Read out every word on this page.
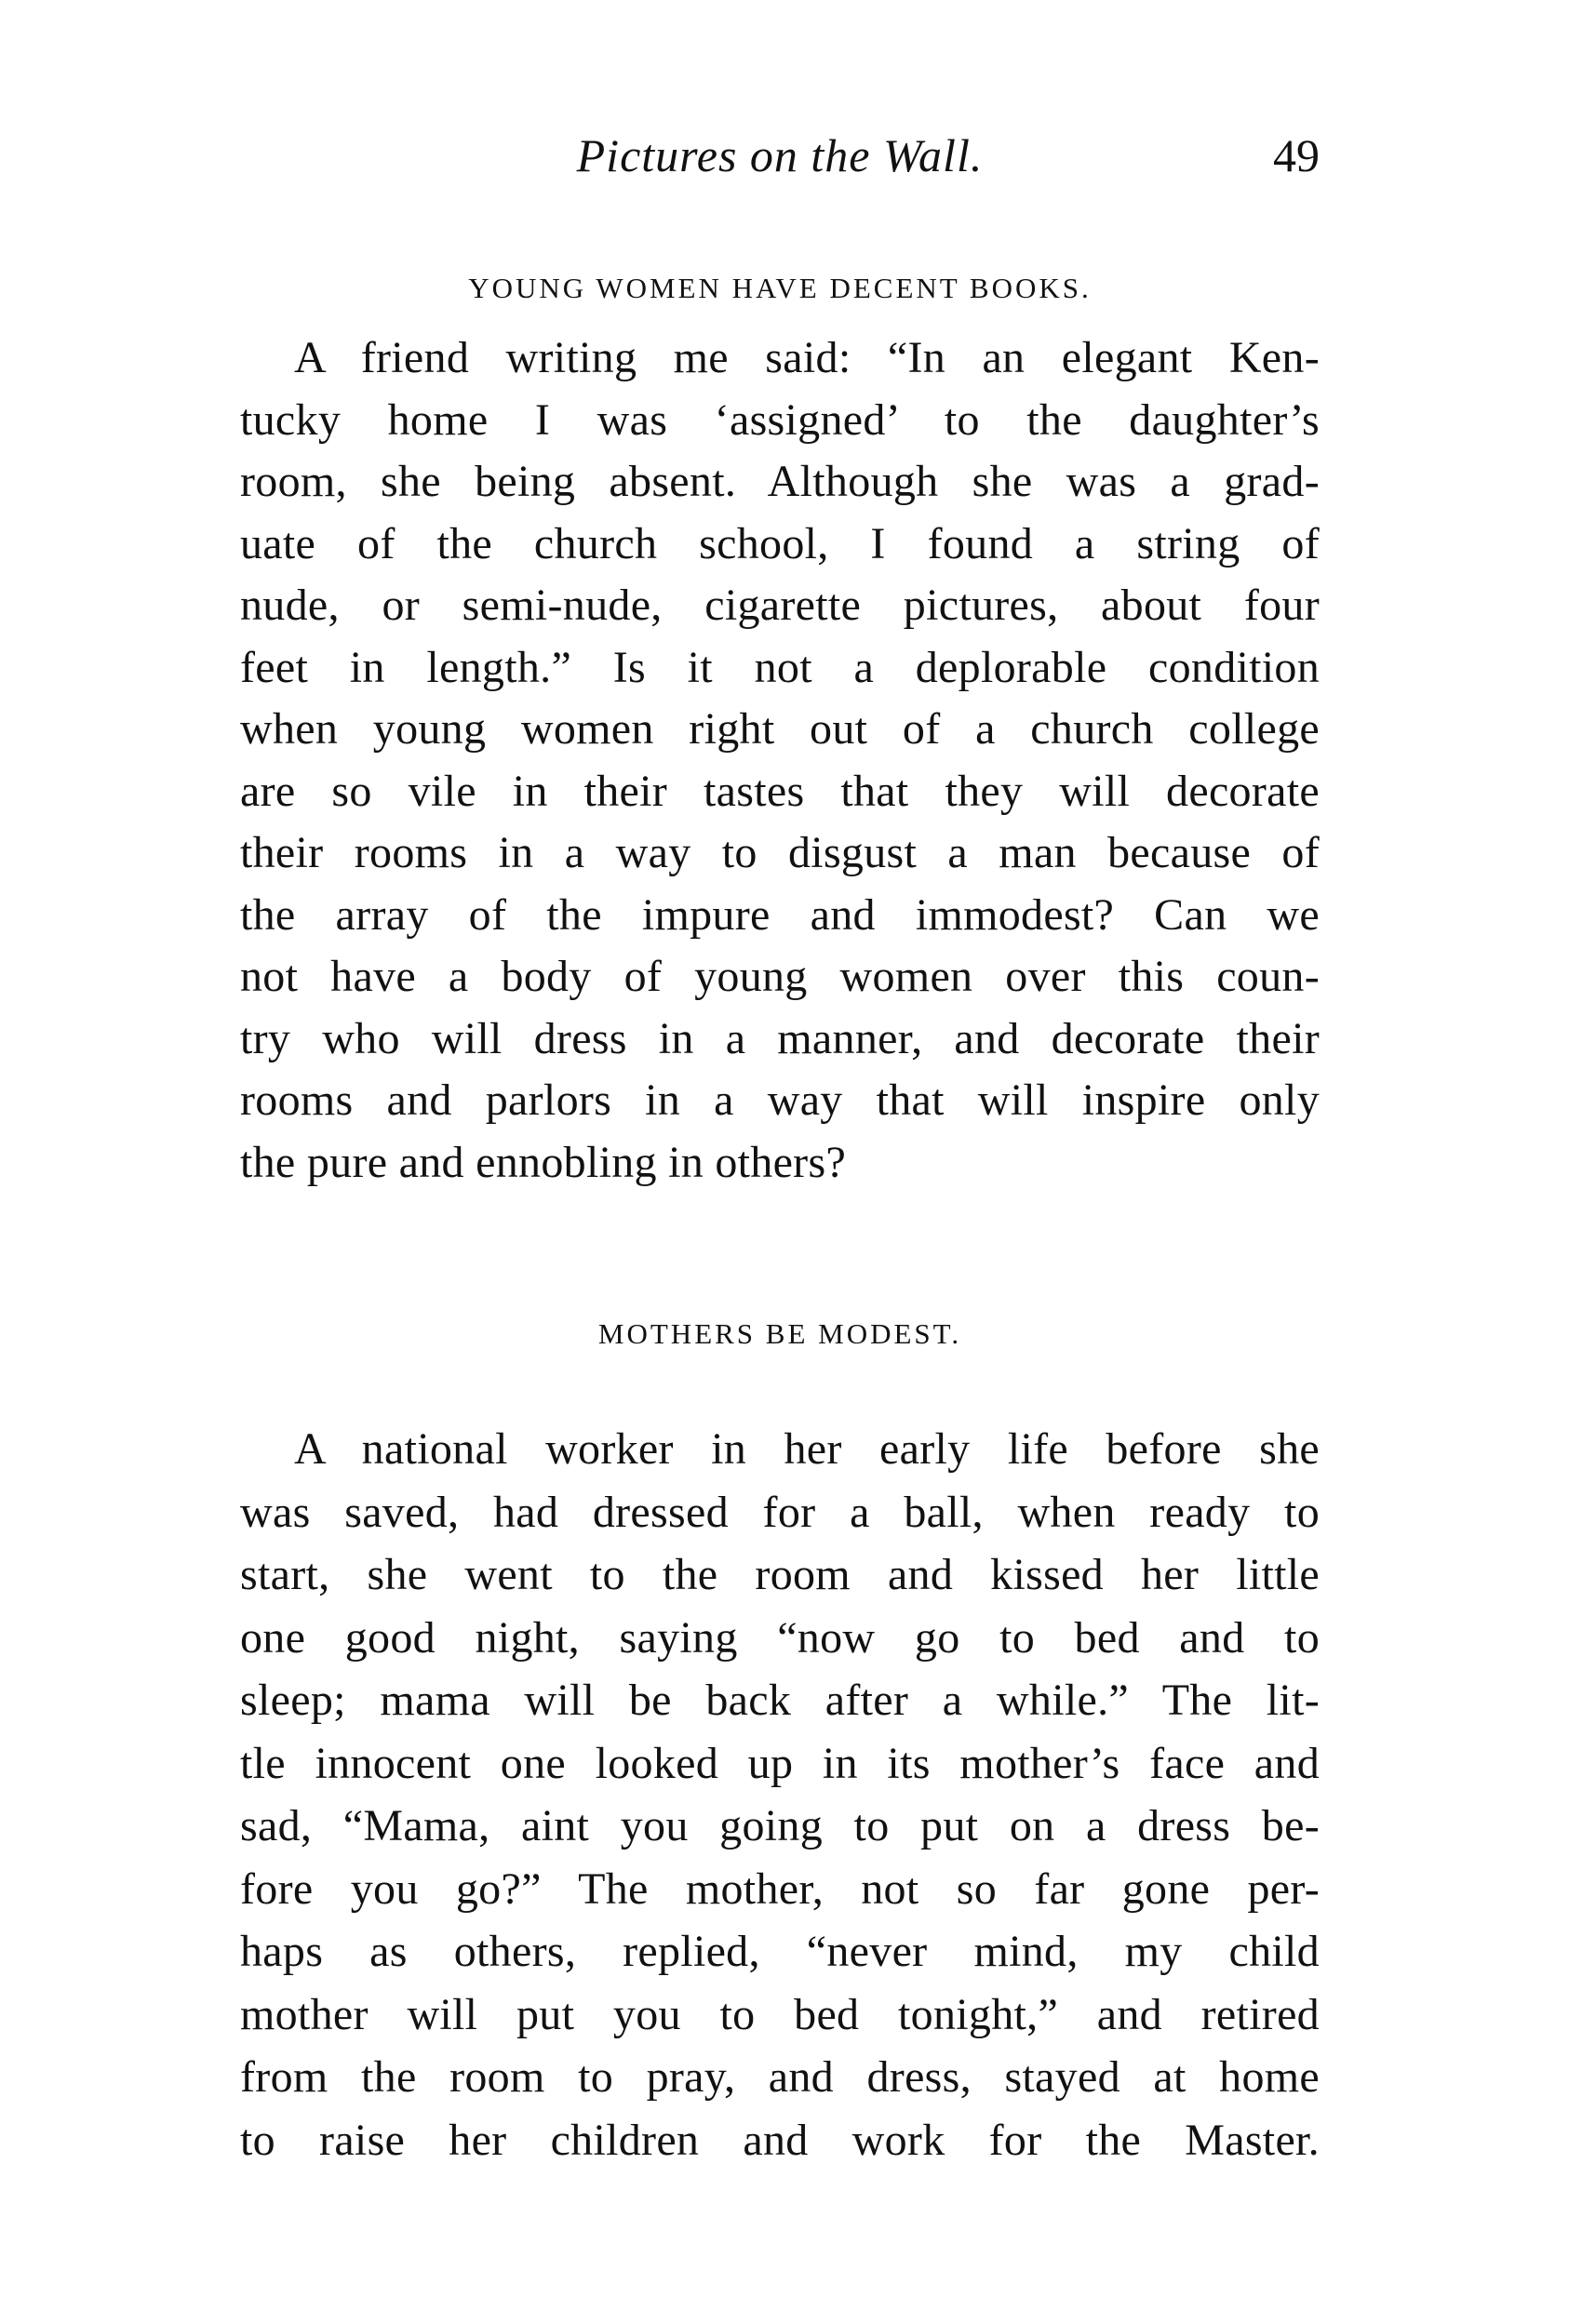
Pictures on the Wall.	49
YOUNG WOMEN HAVE DECENT BOOKS.
A friend writing me said: “In an elegant Ken-
tucky home I was ‘assigned’ to the daughter’s
room, she being absent. Although she was a grad-
uate of the church school, I found a string of
nude, or semi-nude, cigarette pictures, about four
feet in length.” Is it not a deplorable condition
when young women right out of a church college
are so vile in their tastes that they will decorate
their rooms in a way to disgust a man because of
the array of the impure and immodest? Can we
not have a body of young women over this coun-
try who will dress in a manner, and decorate their
rooms and parlors in a way that will inspire only
the pure and ennobling in others?
MOTHERS BE MODEST.
A national worker in her early life before she
was saved, had dressed for a ball, when ready to
start, she went to the room and kissed her little
one good night, saying “now go to bed and to
sleep; mama will be back after a while.” The lit-
tle innocent one looked up in its mother’s face and
sad, “Mama, aint you going to put on a dress be-
fore you go?” The mother, not so far gone per-
haps as others, replied, “never mind, my child
mother will put you to bed tonight,” and retired
from the room to pray, and dress, stayed at home
to raise her children and work for the Master.
